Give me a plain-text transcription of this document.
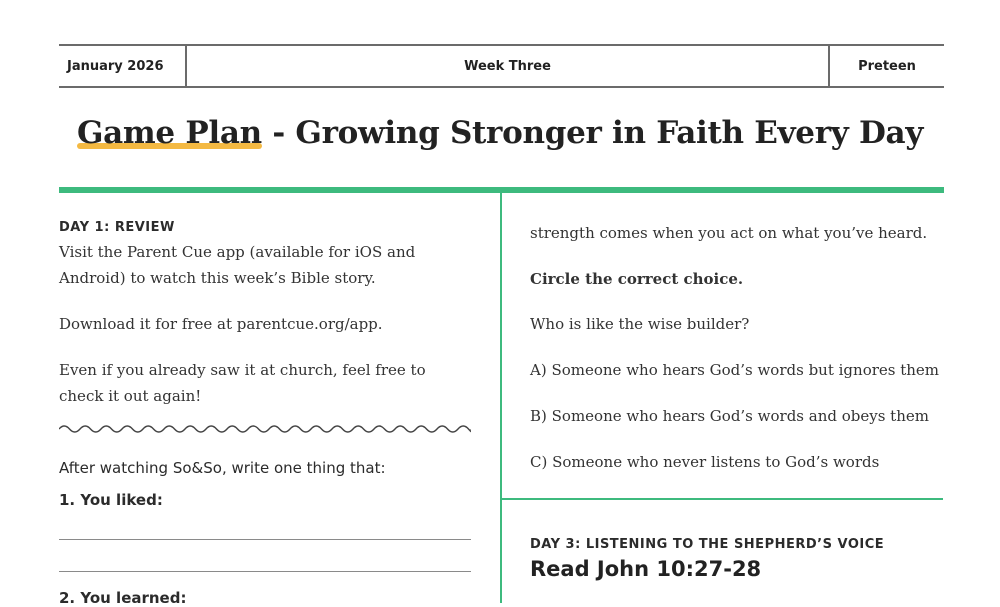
January 2026	Week Three	Preteen
Game Plan - Growing Stronger in Faith Every Day
DAY 1: REVIEW
Visit the Parent Cue app (available for iOS and Android) to watch this week’s Bible story.
Download it for free at parentcue.org/app.
Even if you already saw it at church, feel free to check it out again!
After watching So&So, write one thing that:
1. You liked:
2. You learned:
strength comes when you act on what you’ve heard.
Circle the correct choice.
Who is like the wise builder?
A) Someone who hears God’s words but ignores them
B) Someone who hears God’s words and obeys them
C) Someone who never listens to God’s words
DAY 3: LISTENING TO THE SHEPHERD’S VOICE
Read John 10:27-28
